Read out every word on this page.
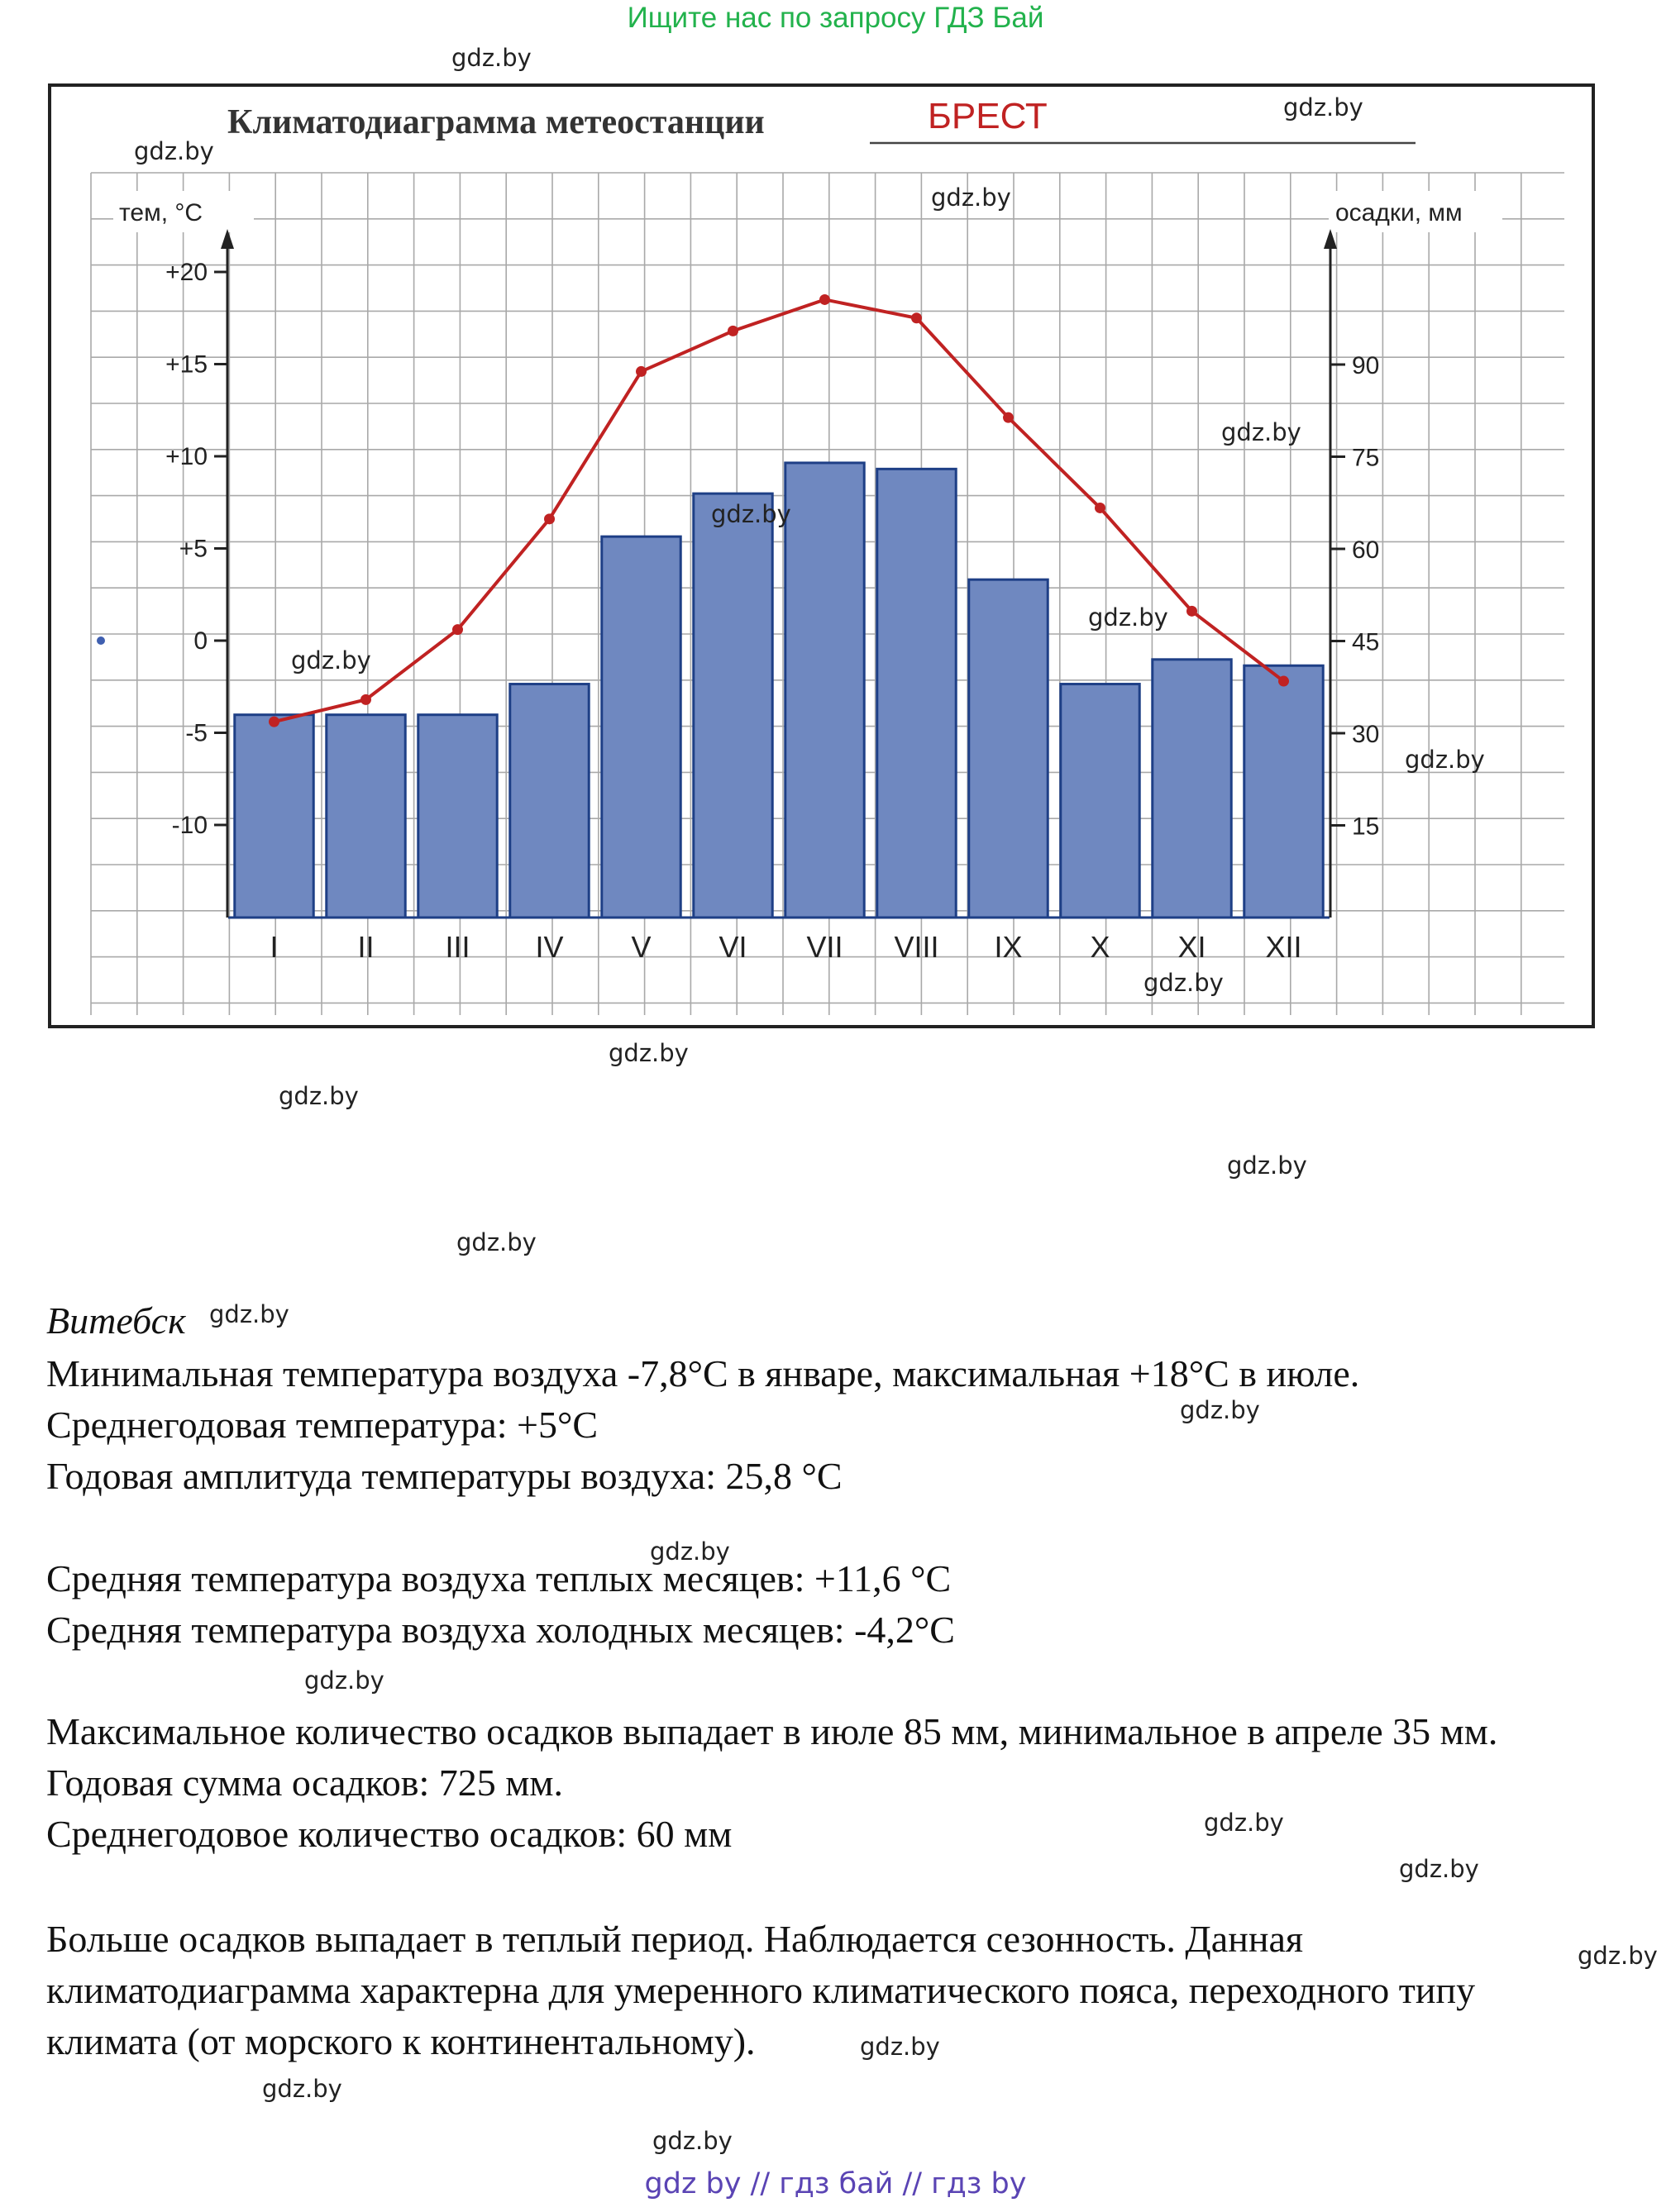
Ищите нас по запросу ГДЗ Бай
Климатодиаграмма метеостанции	БРЕСТ
тем, °С	осадки, мм
+20
+15
+10
+5
0
-5
-10
90
75
60
45
30
15
I	II III IV V VI VII VIII IX X XI XII

Витебск

Минимальная температура воздуха -7,8°С в январе, максимальная +18°С в июле.
Среднегодовая температура: +5°С
Годовая амплитуда температуры воздуха: 25,8 °С
Средняя температура воздуха теплых месяцев: +11,6 °С
Средняя температура воздуха холодных месяцев: -4,2°С
Максимальное количество осадков выпадает в июле 85 мм, минимальное в апреле 35 мм.
Годовая сумма осадков: 725 мм.
Среднегодовое количество осадков: 60 мм
Больше осадков выпадает в теплый период. Наблюдается сезонность. Данная
климатодиаграмма характерна для умеренного климатического пояса, переходного типу
климата (от морского к континентальному).
gdz.by
gdz.by
gdz.by
gdz.by
gdz.by
gdz.by
gdz.by
gdz.by
gdz.by
gdz.by
gdz.by
gdz.by
gdz.by
gdz.by
gdz.by
gdz.by
gdz.by
gdz.by
gdz.by
gdz.by
gdz.by
gdz.by
gdz.by
gdz.by
gdz by // гдз бай // гдз by
